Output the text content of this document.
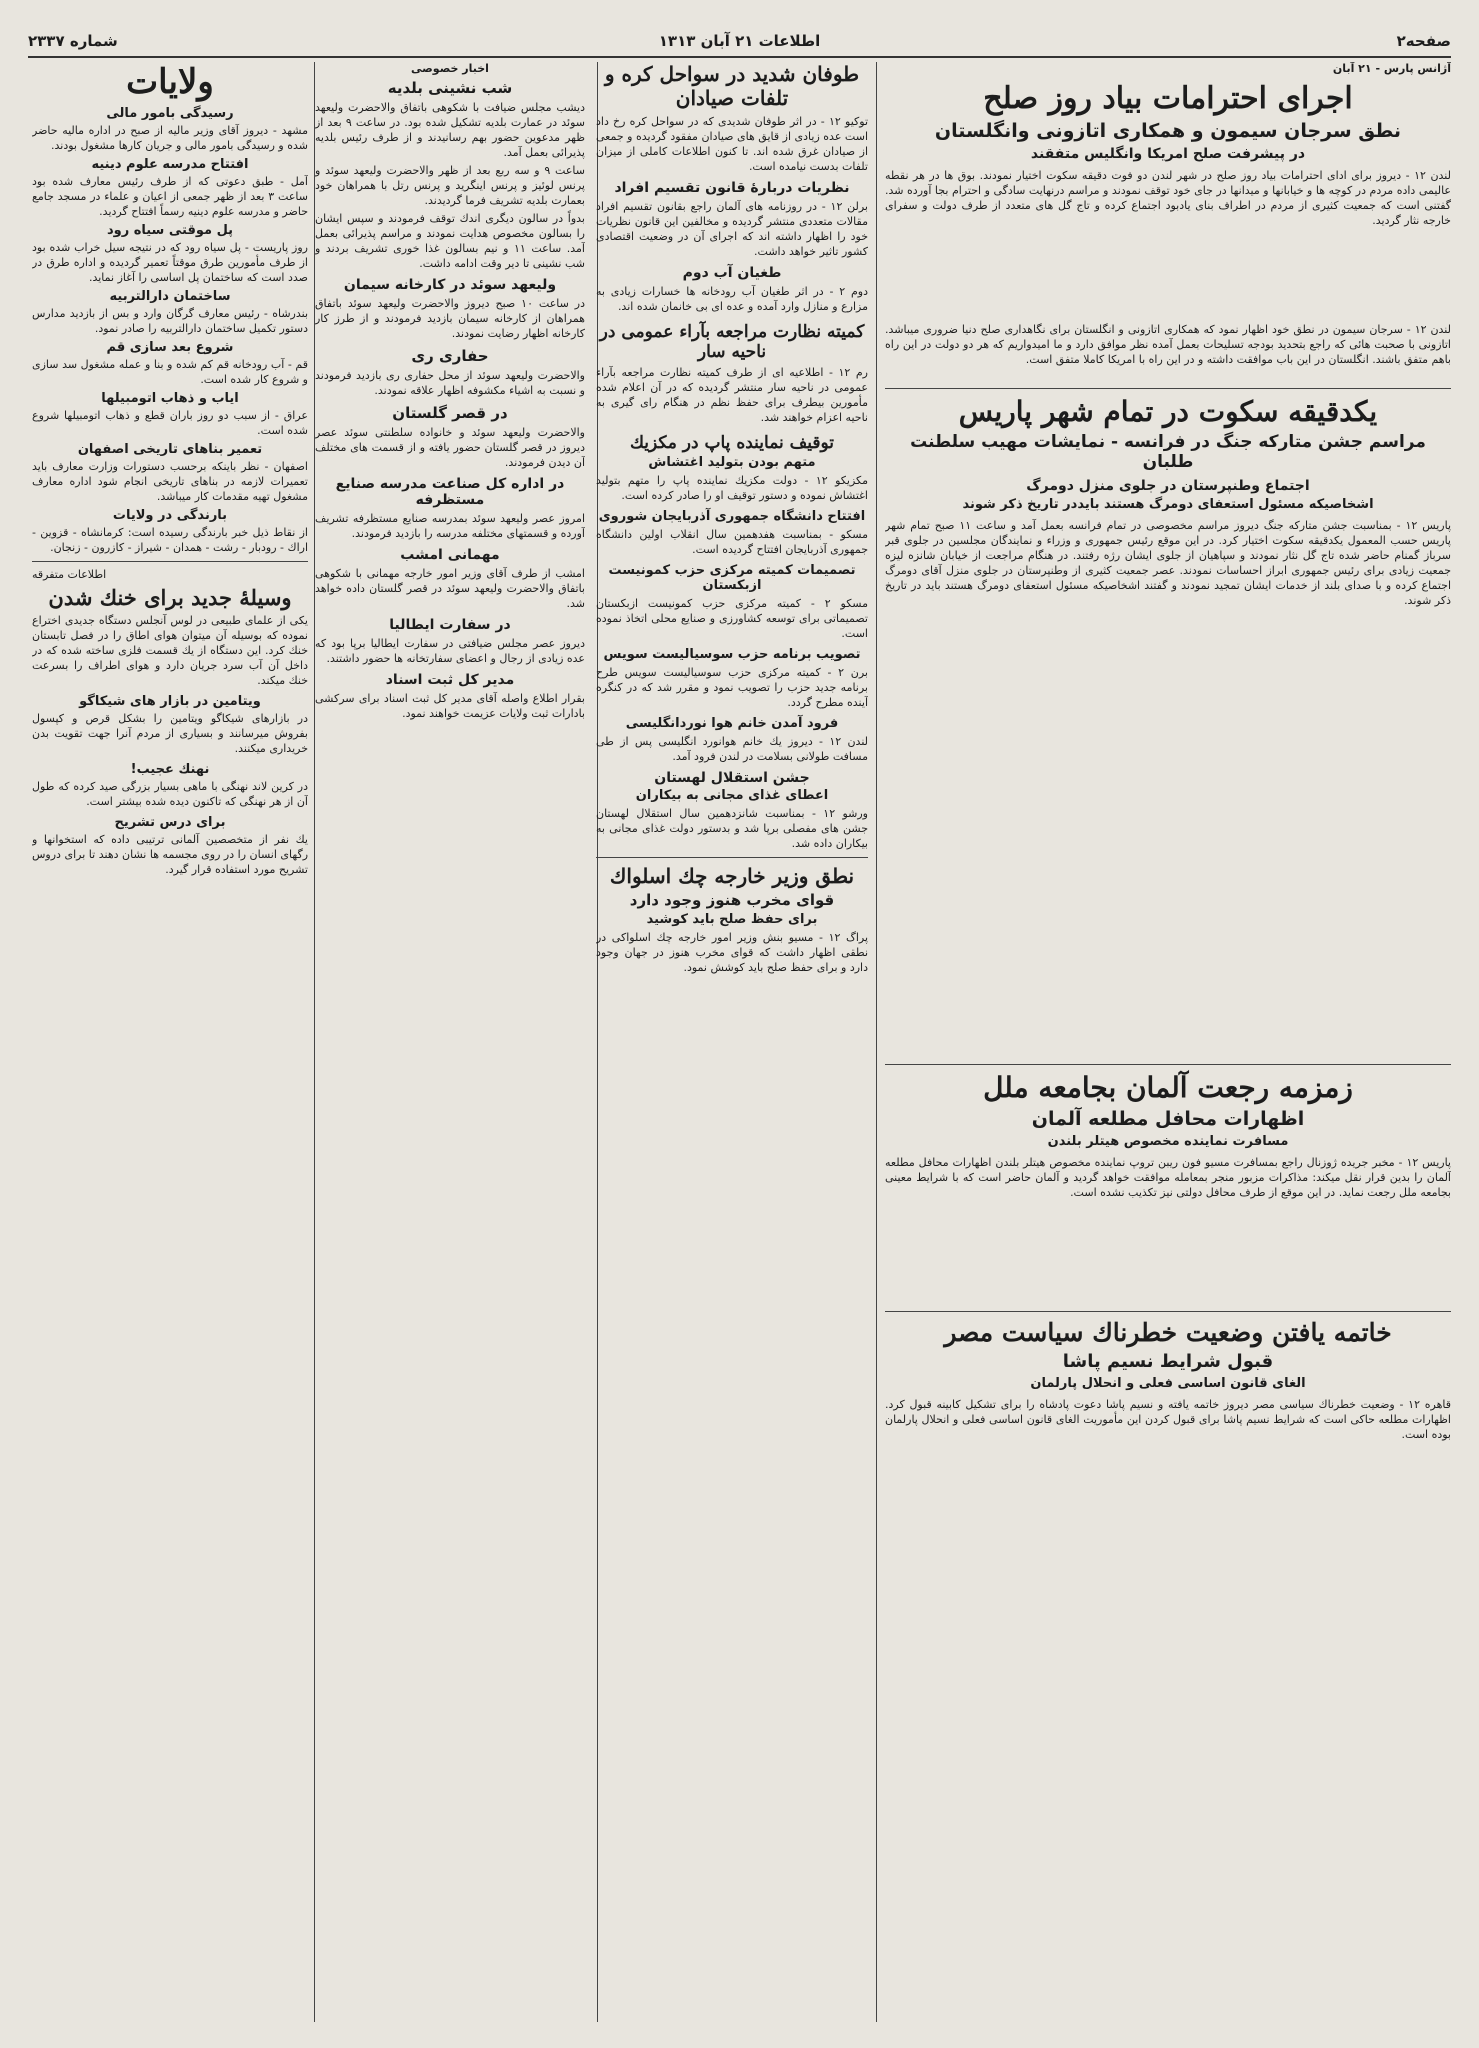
صفحه۲
اطلاعات ۲۱ آبان ۱۳۱۳
شماره ۲۳۳۷

آژانس پارس - ۲۱ آبان

اجرای احترامات بیاد روز صلح

نطق سرجان سیمون و همکاری اتازونی وانگلستان

در پیشرفت صلح امریکا وانگلیس متفقند

لندن ۱۲ - دیروز برای ادای احترامات بیاد روز صلح در شهر لندن دو فوت دقیقه سکوت اختیار نمودند. بوق ها در هر نقطه عالیمی داده مردم در کوچه ها و خیابانها و میدانها در جای خود توقف نمودند و مراسم درنهایت سادگی و احترام بجا آورده شد. گفتنی است که جمعیت کثیری از مردم در اطراف بنای یادبود اجتماع کرده و تاج گل های متعدد از طرف دولت و سفرای خارجه نثار گردید.

لندن ۱۲ - سرجان سیمون در نطق خود اظهار نمود که همکاری اتازونی و انگلستان برای نگاهداری صلح دنیا ضروری میباشد. اتازونی با صحبت هائی که راجع بتحدید بودجه تسلیحات بعمل آمده نظر موافق دارد و ما امیدواریم که هر دو دولت در این راه باهم متفق باشند. انگلستان در این باب موافقت داشته و در این راه با امریکا کاملا متفق است.

یکدقیقه سکوت در تمام شهر پاریس

مراسم جشن متارکه جنگ در فرانسه - نمایشات مهیب سلطنت طلبان

اجتماع وطنپرستان در جلوی منزل دومرگ

اشخاصیکه مسئول استعفای دومرگ هستند بایددر تاریخ ذکر شوند

پاریس ۱۲ - بمناسبت جشن متارکه جنگ دیروز مراسم مخصوصی در تمام فرانسه بعمل آمد و ساعت ۱۱ صبح تمام شهر پاریس حسب المعمول یکدقیقه سکوت اختیار کرد. در این موقع رئیس جمهوری و وزراء و نمایندگان مجلسین در جلوی قبر سرباز گمنام حاضر شده تاج گل نثار نمودند و سپاهیان از جلوی ایشان رژه رفتند. در هنگام مراجعت از خیابان شانزه لیزه جمعیت زیادی برای رئیس جمهوری ابراز احساسات نمودند. عصر جمعیت کثیری از وطنپرستان در جلوی منزل آقای دومرگ اجتماع کرده و با صدای بلند از خدمات ایشان تمجید نمودند و گفتند اشخاصیکه مسئول استعفای دومرگ هستند باید در تاریخ ذکر شوند.

زمزمه رجعت آلمان بجامعه ملل

اظهارات محافل مطلعه آلمان

مسافرت نماینده مخصوص هیتلر بلندن

پاریس ۱۲ - مخبر جریده ژوزنال راجع بمسافرت مسیو فون ریبن تروپ نماینده مخصوص هیتلر بلندن اظهارات محافل مطلعه آلمان را بدین قرار نقل میکند: مذاکرات مزبور منجر بمعامله موافقت خواهد گردید و آلمان حاضر است که با شرایط معینی بجامعه ملل رجعت نماید. در این موقع از طرف محافل دولتی نیز تکذیب نشده است.

خاتمه یافتن وضعیت خطرناك سیاست مصر

قبول شرایط نسیم پاشا

الغای قانون اساسی فعلی و انحلال پارلمان

قاهره ۱۲ - وضعیت خطرناك سیاسی مصر دیروز خاتمه یافته و نسیم پاشا دعوت پادشاه را برای تشکیل کابینه قبول کرد. اظهارات مطلعه حاکی است که شرایط نسیم پاشا برای قبول کردن این مأموریت الغای قانون اساسی فعلی و انحلال پارلمان بوده است.

طوفان شدید در سواحل کره و تلفات صیادان

توکیو ۱۲ - در اثر طوفان شدیدی که در سواحل کره رخ داد است عده زیادی از قایق های صیادان مفقود گردیده و جمعی از صیادان غرق شده اند. تا کنون اطلاعات کاملی از میزان تلفات بدست نیامده است.

نظریات دربارهٔ قانون تقسیم افراد

برلن ۱۲ - در روزنامه های آلمان راجع بقانون تقسیم افراد مقالات متعددی منتشر گردیده و مخالفین این قانون نظریات خود را اظهار داشته اند که اجرای آن در وضعیت اقتصادی کشور تاثیر خواهد داشت.

طغیان آب دوم

دوم ۲ - در اثر طغیان آب رودخانه ها خسارات زیادی به مزارع و منازل وارد آمده و عده ای بی خانمان شده اند.

کمیته نظارت مراجعه بآراء عمومی در ناحیه سار

رم ۱۲ - اطلاعیه ای از طرف کمیته نظارت مراجعه بآراء عمومی در ناحیه سار منتشر گردیده که در آن اعلام شده مأمورین بیطرف برای حفظ نظم در هنگام رای گیری به ناحیه اعزام خواهند شد.

توقیف نماینده پاپ در مکزیك

متهم بودن بتولید اغتشاش

مکزیکو ۱۲ - دولت مکزیك نماینده پاپ را متهم بتولید اغتشاش نموده و دستور توقیف او را صادر کرده است.

افتتاح دانشگاه جمهوری آذربایجان شوروی

مسکو - بمناسبت هفدهمین سال انقلاب اولین دانشگاه جمهوری آذربایجان افتتاح گردیده است.

تصمیمات کمیته مرکزی حزب کمونیست ازبکستان

مسکو ۲ - کمیته مرکزی حزب کمونیست ازبکستان تصمیماتی برای توسعه کشاورزی و صنایع محلی اتخاذ نموده است.

تصویب برنامه حزب سوسیالیست سویس

برن ۲ - کمیته مرکزی حزب سوسیالیست سویس طرح برنامه جدید حزب را تصویب نمود و مقرر شد که در کنگره آینده مطرح گردد.

فرود آمدن خانم هوا نوردانگلیسی

لندن ۱۲ - دیروز یك خانم هوانورد انگلیسی پس از طی مسافت طولانی بسلامت در لندن فرود آمد.

جشن استقلال لهستان

اعطای غذای مجانی به بیکاران

ورشو ۱۲ - بمناسبت شانزدهمین سال استقلال لهستان جشن های مفصلی برپا شد و بدستور دولت غذای مجانی به بیکاران داده شد.

نطق وزیر خارجه چك اسلواك

قوای مخرب هنوز وجود دارد

برای حفظ صلح باید کوشید

پراگ ۱۲ - مسیو بنش وزیر امور خارجه چك اسلواکی در نطقی اظهار داشت که قوای مخرب هنوز در جهان وجود دارد و برای حفظ صلح باید کوشش نمود.

اخبار خصوصی

شب نشینی بلدیه

دیشب مجلس ضیافت با شکوهی باتفاق والاحضرت ولیعهد سوئد در عمارت بلدیه تشکیل شده بود. در ساعت ۹ بعد از ظهر مدعوین حضور بهم رسانیدند و از طرف رئیس بلدیه پذیرائی بعمل آمد.

ساعت ۹ و سه ربع بعد از ظهر والاحضرت ولیعهد سوئد و پرنس لوئیز و پرنس اینگرید و پرنس رتل با همراهان خود بعمارت بلدیه تشریف فرما گردیدند.

بدواً در سالون دیگری اندك توقف فرمودند و سپس ایشان را بسالون مخصوص هدایت نمودند و مراسم پذیرائی بعمل آمد. ساعت ۱۱ و نیم بسالون غذا خوری تشریف بردند و شب نشینی تا دیر وقت ادامه داشت.

ولیعهد سوئد در کارخانه سیمان

در ساعت ۱۰ صبح دیروز والاحضرت ولیعهد سوئد باتفاق همراهان از کارخانه سیمان بازدید فرمودند و از طرز کار کارخانه اظهار رضایت نمودند.

حفاری ری

والاحضرت ولیعهد سوئد از محل حفاری ری بازدید فرمودند و نسبت به اشیاء مکشوفه اظهار علاقه نمودند.

در قصر گلستان

والاحضرت ولیعهد سوئد و خانواده سلطنتی سوئد عصر دیروز در قصر گلستان حضور یافته و از قسمت های مختلف آن دیدن فرمودند.

در اداره کل صناعت مدرسه صنایع مستظرفه

امروز عصر ولیعهد سوئد بمدرسه صنایع مستظرفه تشریف آورده و قسمتهای مختلفه مدرسه را بازدید فرمودند.

مهمانی امشب

امشب از طرف آقای وزیر امور خارجه مهمانی با شکوهی باتفاق والاحضرت ولیعهد سوئد در قصر گلستان داده خواهد شد.

در سفارت ایطالیا

دیروز عصر مجلس ضیافتی در سفارت ایطالیا برپا بود که عده زیادی از رجال و اعضای سفارتخانه ها حضور داشتند.

مدیر کل ثبت اسناد

بقرار اطلاع واصله آقای مدیر کل ثبت اسناد برای سرکشی بادارات ثبت ولایات عزیمت خواهند نمود.

ولایات

رسیدگی بامور مالی

مشهد - دیروز آقای وزیر مالیه از صبح در اداره مالیه حاضر شده و رسیدگی بامور مالی و جریان کارها مشغول بودند.

افتتاح مدرسه علوم دینیه

آمل - طبق دعوتی که از طرف رئیس معارف شده بود ساعت ۳ بعد از ظهر جمعی از اعیان و علماء در مسجد جامع حاضر و مدرسه علوم دینیه رسماً افتتاح گردید.

پل موقتی سیاه رود

روز پاریست - پل سیاه رود که در نتیجه سیل خراب شده بود از طرف مأمورین طرق موقتاً تعمیر گردیده و اداره طرق در صدد است که ساختمان پل اساسی را آغاز نماید.

ساختمان دارالتربیه

بندرشاه - رئیس معارف گرگان وارد و بس از بازدید مدارس دستور تکمیل ساختمان دارالتربیه را صادر نمود.

شروع بعد سازی قم

قم - آب رودخانه قم کم شده و بنا و عمله مشغول سد سازی و شروع کار شده است.

ایاب و ذهاب اتومبیلها

عراق - از سبب دو روز باران قطع و ذهاب اتومبیلها شروع شده است.

تعمیر بناهای تاریخی اصفهان

اصفهان - نظر باینکه برحسب دستورات وزارت معارف باید تعمیرات لازمه در بناهای تاریخی انجام شود اداره معارف مشغول تهیه مقدمات کار میباشد.

بارندگی در ولایات

از نقاط ذیل خبر بارندگی رسیده است: کرمانشاه - قزوین - اراك - رودبار - رشت - همدان - شیراز - کازرون - زنجان.

اطلاعات متفرقه

وسیلهٔ جدید برای خنك شدن

یکی از علمای طبیعی در لوس آنجلس دستگاه جدیدی اختراع نموده که بوسیله آن میتوان هوای اطاق را در فصل تابستان خنك کرد. این دستگاه از یك قسمت فلزی ساخته شده که در داخل آن آب سرد جریان دارد و هوای اطراف را بسرعت خنك میکند.

ویتامین در بازار های شیکاگو

در بازارهای شیکاگو ویتامین را بشکل قرص و کپسول بفروش میرسانند و بسیاری از مردم آنرا جهت تقویت بدن خریداری میکنند.

نهنك عجیب!

در کرین لاند نهنگی با ماهی بسیار بزرگی صید کرده که طول آن از هر نهنگی که تاکنون دیده شده بیشتر است.

برای درس تشریح

یك نفر از متخصصین آلمانی ترتیبی داده که استخوانها و رگهای انسان را در روی مجسمه ها نشان دهند تا برای دروس تشریح مورد استفاده قرار گیرد.
